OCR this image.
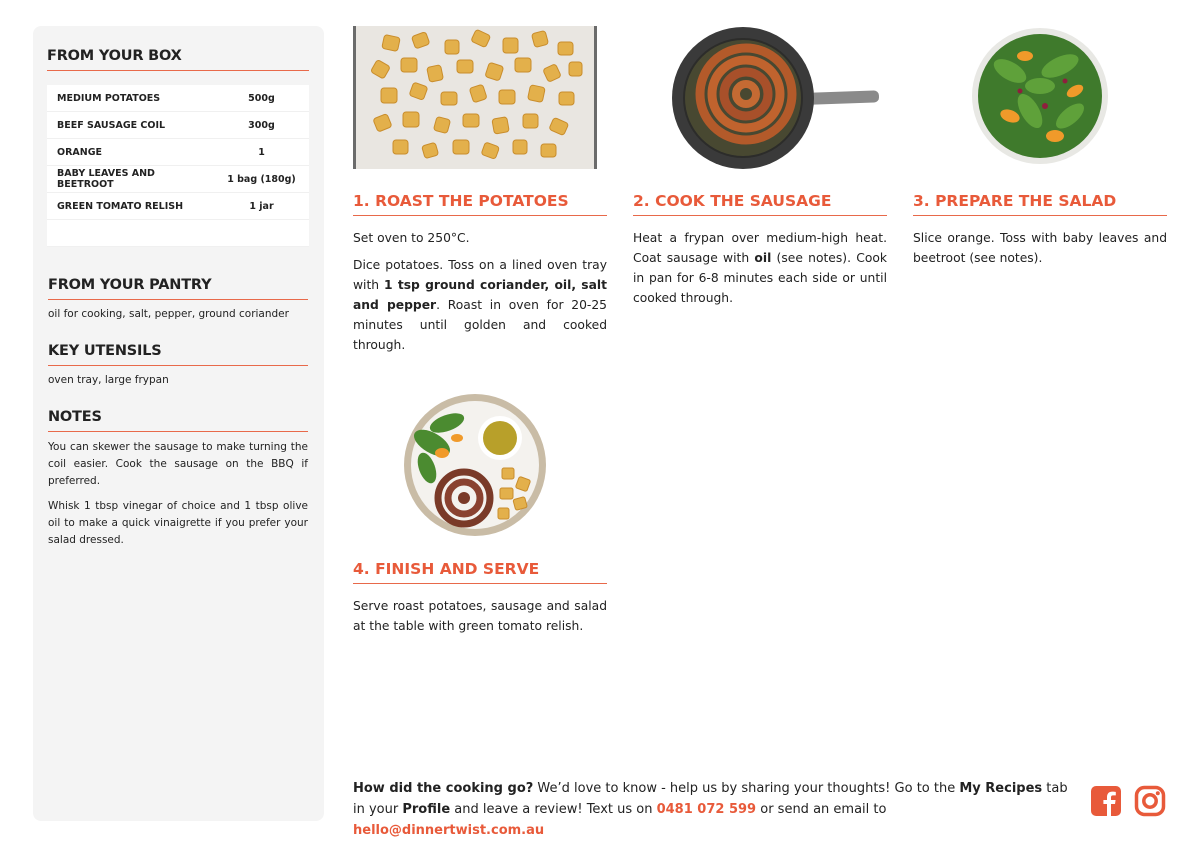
FROM YOUR BOX
MEDIUM POTATOES	500g
BEEF SAUSAGE COIL	300g
ORANGE	1
BABY LEAVES AND BEETROOT	1 bag (180g)
GREEN TOMATO RELISH	1 jar

FROM YOUR PANTRY
oil for cooking, salt, pepper, ground coriander
KEY UTENSILS
oven tray, large frypan
NOTES

You can skewer the sausage to make turning the coil easier. Cook the sausage on the BBQ if preferred.

Whisk 1 tbsp vinegar of choice and 1 tbsp olive oil to make a quick vinaigrette if you prefer your salad dressed.

1. ROAST THE POTATOES

Set oven to 250°C.

Dice potatoes. Toss on a lined oven tray with 1 tsp ground coriander, oil, salt and pepper. Roast in oven for 20-25 minutes until golden and cooked through.

2. COOK THE SAUSAGE

Heat a frypan over medium-high heat. Coat sausage with oil (see notes). Cook in pan for 6-8 minutes each side or until cooked through.

3. PREPARE THE SALAD

Slice orange. Toss with baby leaves and beetroot (see notes).

4. FINISH AND SERVE

Serve roast potatoes, sausage and salad at the table with green tomato relish.

How did the cooking go? We’d love to know - help us by sharing your thoughts! Go to the My Recipes tab in your Profile and leave a review! Text us on 0481 072 599 or send an email to hello@dinnertwist.com.au
